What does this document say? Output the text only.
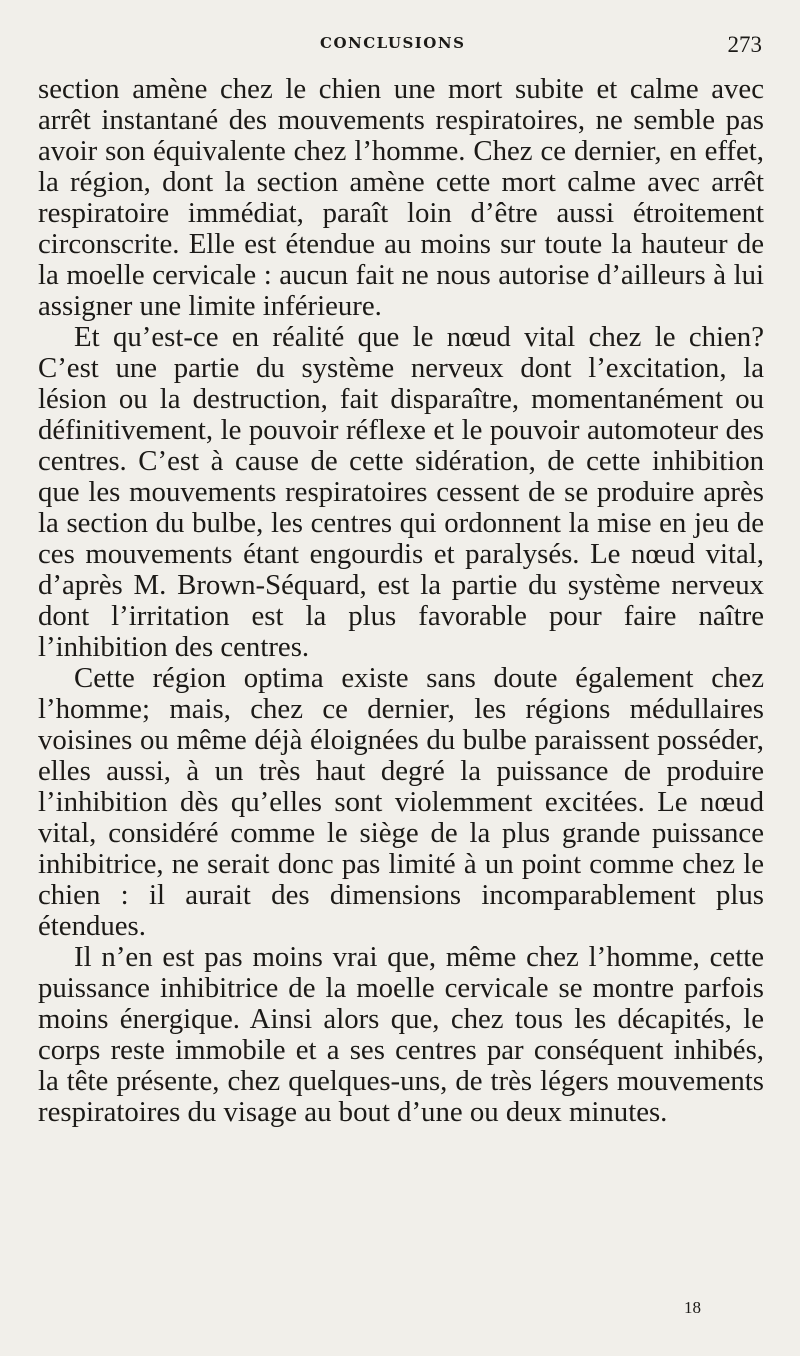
CONCLUSIONS	273

section amène chez le chien une mort subite et calme avec arrêt instantané des mouvements respiratoires, ne semble pas avoir son équivalente chez l’homme. Chez ce dernier, en effet, la région, dont la section amène cette mort calme avec arrêt respiratoire immédiat, paraît loin d’être aussi étroitement circonscrite. Elle est étendue au moins sur toute la hauteur de la moelle cervicale : aucun fait ne nous autorise d’ailleurs à lui assigner une limite inférieure.

Et qu’est-ce en réalité que le nœud vital chez le chien? C’est une partie du système nerveux dont l’excitation, la lésion ou la destruction, fait disparaître, momentanément ou définitivement, le pouvoir réflexe et le pouvoir automoteur des centres. C’est à cause de cette sidération, de cette inhibition que les mouvements respiratoires cessent de se produire après la section du bulbe, les centres qui ordonnent la mise en jeu de ces mouvements étant engourdis et paralysés. Le nœud vital, d’après M. Brown-Séquard, est la partie du système nerveux dont l’irritation est la plus favorable pour faire naître l’inhibition des centres.

Cette région optima existe sans doute également chez l’homme; mais, chez ce dernier, les régions médullaires voisines ou même déjà éloignées du bulbe paraissent posséder, elles aussi, à un très haut degré la puissance de produire l’inhibition dès qu’elles sont violemment excitées. Le nœud vital, considéré comme le siège de la plus grande puissance inhibitrice, ne serait donc pas limité à un point comme chez le chien : il aurait des dimensions incomparablement plus étendues.

Il n’en est pas moins vrai que, même chez l’homme, cette puissance inhibitrice de la moelle cervicale se montre parfois moins énergique. Ainsi alors que, chez tous les décapités, le corps reste immobile et a ses centres par conséquent inhibés, la tête présente, chez quelques-uns, de très légers mouvements respiratoires du visage au bout d’une ou deux minutes.

18
